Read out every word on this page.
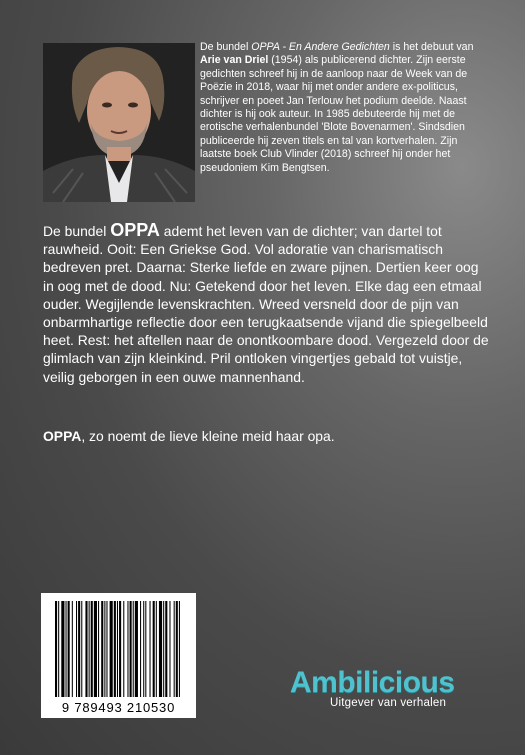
De bundel OPPA - En Andere Gedichten is het debuut van Arie van Driel (1954) als publicerend dichter. Zijn eerste gedichten schreef hij in de aanloop naar de Week van de Poëzie in 2018, waar hij met onder andere ex-politicus, schrijver en poeet Jan Terlouw het podium deelde. Naast dichter is hij ook auteur. In 1985 debuteerde hij met de erotische verhalenbundel 'Blote Bovenarmen'. Sindsdien publiceerde hij zeven titels en tal van kortverhalen. Zijn laatste boek Club Vlinder (2018) schreef hij onder het pseudoniem Kim Bengtsen.
De bundel OPPA ademt het leven van de dichter; van dartel tot rauwheid. Ooit: Een Griekse God. Vol adoratie van charismatisch bedreven pret. Daarna: Sterke liefde en zware pijnen. Dertien keer oog in oog met de dood. Nu: Getekend door het leven. Elke dag een etmaal ouder. Wegijlende levenskrachten. Wreed versneld door de pijn van onbarmhartige reflectie door een terugkaatsende vijand die spiegelbeeld heet. Rest: het aftellen naar de onontkoombare dood. Vergezeld door de glimlach van zijn kleinkind. Pril ontloken vingertjes gebald tot vuistje, veilig geborgen in een ouwe mannenhand.
OPPA, zo noemt de lieve kleine meid haar opa.
9 789493 210530
Ambilicious
Uitgever van verhalen
